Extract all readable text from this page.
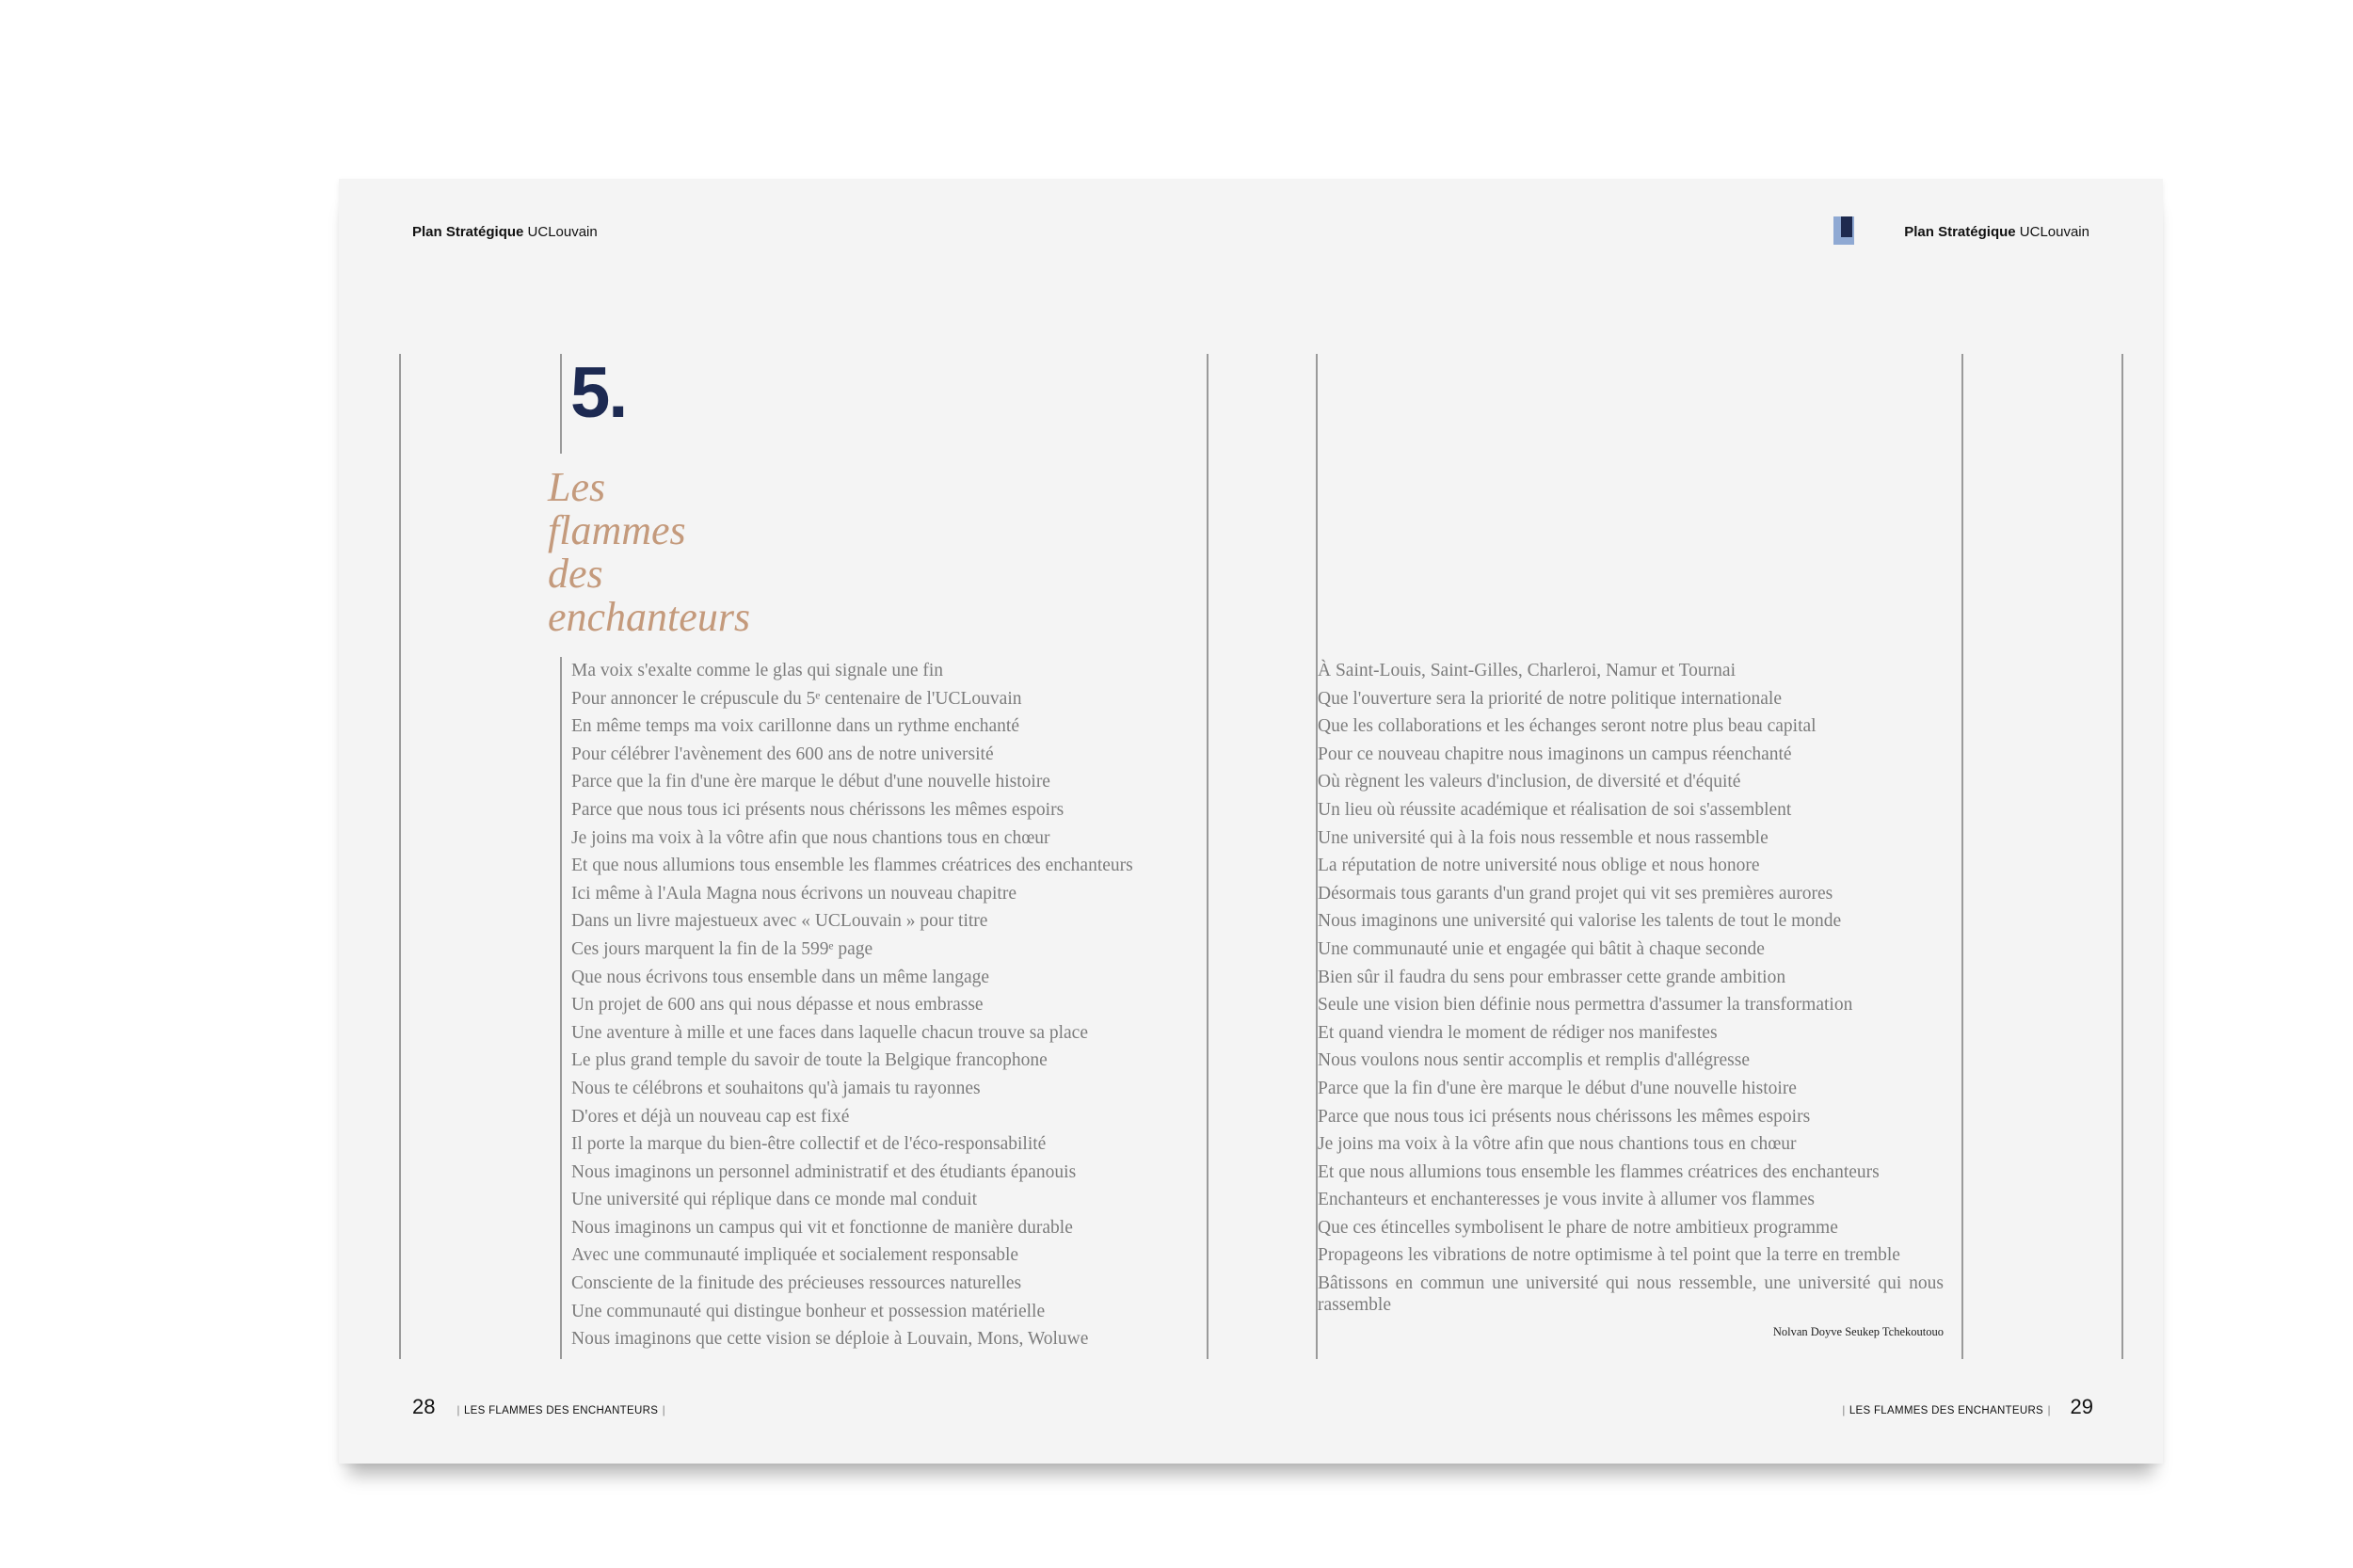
Plan Stratégique UCLouvain	Plan Stratégique UCLouvain
5.
Les
flammes
des
enchanteurs
Ma voix s'exalte comme le glas qui signale une fin
Pour annoncer le crépuscule du 5ᵉ centenaire de l'UCLouvain
En même temps ma voix carillonne dans un rythme enchanté
Pour célébrer l'avènement des 600 ans de notre université
Parce que la fin d'une ère marque le début d'une nouvelle histoire
Parce que nous tous ici présents nous chérissons les mêmes espoirs
Je joins ma voix à la vôtre afin que nous chantions tous en chœur
Et que nous allumions tous ensemble les flammes créatrices des enchanteurs
Ici même à l'Aula Magna nous écrivons un nouveau chapitre
Dans un livre majestueux avec « UCLouvain » pour titre
Ces jours marquent la fin de la 599ᵉ page
Que nous écrivons tous ensemble dans un même langage
Un projet de 600 ans qui nous dépasse et nous embrasse
Une aventure à mille et une faces dans laquelle chacun trouve sa place
Le plus grand temple du savoir de toute la Belgique francophone
Nous te célébrons et souhaitons qu'à jamais tu rayonnes
D'ores et déjà un nouveau cap est fixé
Il porte la marque du bien-être collectif et de l'éco-responsabilité
Nous imaginons un personnel administratif et des étudiants épanouis
Une université qui réplique dans ce monde mal conduit
Nous imaginons un campus qui vit et fonctionne de manière durable
Avec une communauté impliquée et socialement responsable
Consciente de la finitude des précieuses ressources naturelles
Une communauté qui distingue bonheur et possession matérielle
Nous imaginons que cette vision se déploie à Louvain, Mons, Woluwe
À Saint-Louis, Saint-Gilles, Charleroi, Namur et Tournai
Que l'ouverture sera la priorité de notre politique internationale
Que les collaborations et les échanges seront notre plus beau capital
Pour ce nouveau chapitre nous imaginons un campus réenchanté
Où règnent les valeurs d'inclusion, de diversité et d'équité
Un lieu où réussite académique et réalisation de soi s'assemblent
Une université qui à la fois nous ressemble et nous rassemble
La réputation de notre université nous oblige et nous honore
Désormais tous garants d'un grand projet qui vit ses premières aurores
Nous imaginons une université qui valorise les talents de tout le monde
Une communauté unie et engagée qui bâtit à chaque seconde
Bien sûr il faudra du sens pour embrasser cette grande ambition
Seule une vision bien définie nous permettra d'assumer la transformation
Et quand viendra le moment de rédiger nos manifestes
Nous voulons nous sentir accomplis et remplis d'allégresse
Parce que la fin d'une ère marque le début d'une nouvelle histoire
Parce que nous tous ici présents nous chérissons les mêmes espoirs
Je joins ma voix à la vôtre afin que nous chantions tous en chœur
Et que nous allumions tous ensemble les flammes créatrices des enchanteurs
Enchanteurs et enchanteresses je vous invite à allumer vos flammes
Que ces étincelles symbolisent le phare de notre ambitieux programme
Propageons les vibrations de notre optimisme à tel point que la terre en tremble
Bâtissons en commun une université qui nous ressemble, une université qui nous rassemble
Nolvan Doyve Seukep Tchekoutouo
28 | LES FLAMMES DES ENCHANTEURS |	| LES FLAMMES DES ENCHANTEURS | 29
